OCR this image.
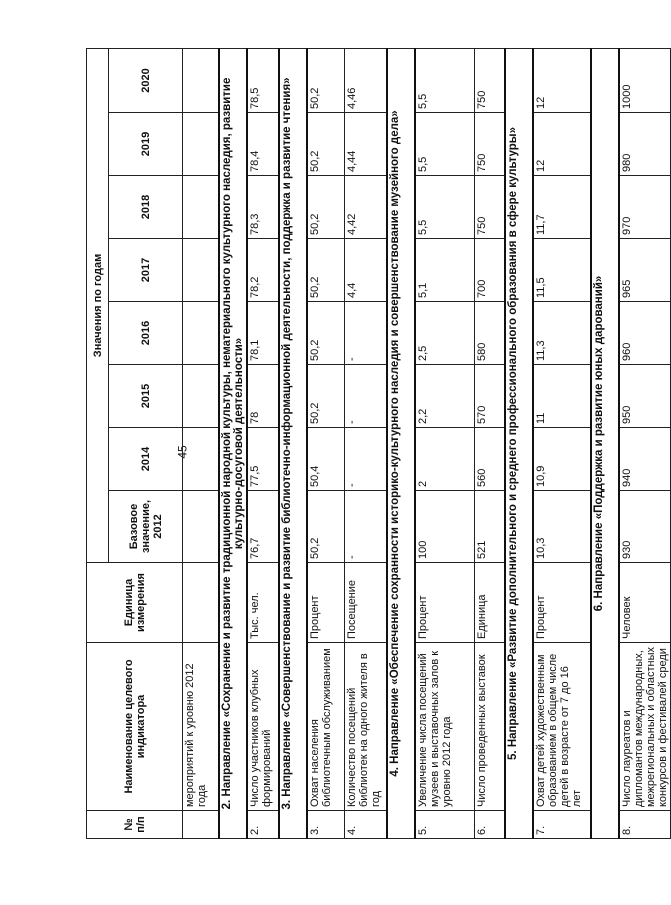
45
№ п/п	Наименование целевого индикатора	Единица измерения	Значения по годам							
			Базовое значение, 2012	2014	2015	2016	2017	2018	2019	2020
	мероприятий к уровню 2012 года									
2. Направление «Сохранение и развитие традиционной народной культуры, нематериального культурного наследия, развитие культурно-досуговой деятельности»										
2.	Число участников клубных формирований	Тыс. чел.	76,7	77,5	78	78,1	78,2	78,3	78,4	78,5
3. Направление «Совершенствование и развитие библиотечно-информационной деятельности, поддержка и развитие чтения»										
3.	Охват населения библиотечным обслуживанием	Процент	50,2	50,4	50,2	50,2	50,2	50,2	50,2	50,2
4.	Количество посещений библиотек на одного жителя в год	Посещение	-	-	-	-	4,4	4,42	4,44	4,46
4. Направление «Обеспечение сохранности историко-культурного наследия и совершенствование музейного дела»										
5.	Увеличение числа посещений музеев и выставочных залов к уровню 2012 года	Процент	100	2	2,2	2,5	5,1	5,5	5,5	5,5
6.	Число проведенных выставок	Единица	521	560	570	580	700	750	750	750
5. Направление «Развитие дополнительного и среднего профессионального образования в сфере культуры»										
7.	Охват детей художественным образованием в общем числе детей в возрасте от 7 до 16 лет	Процент	10,3	10,9	11	11,3	11,5	11,7	12	12
6. Направление «Поддержка и развитие юных дарований»										
8.	Число лауреатов и дипломантов международных, межрегиональных и областных конкурсов и фестивалей среди	Человек	930	940	950	960	965	970	980	1000
